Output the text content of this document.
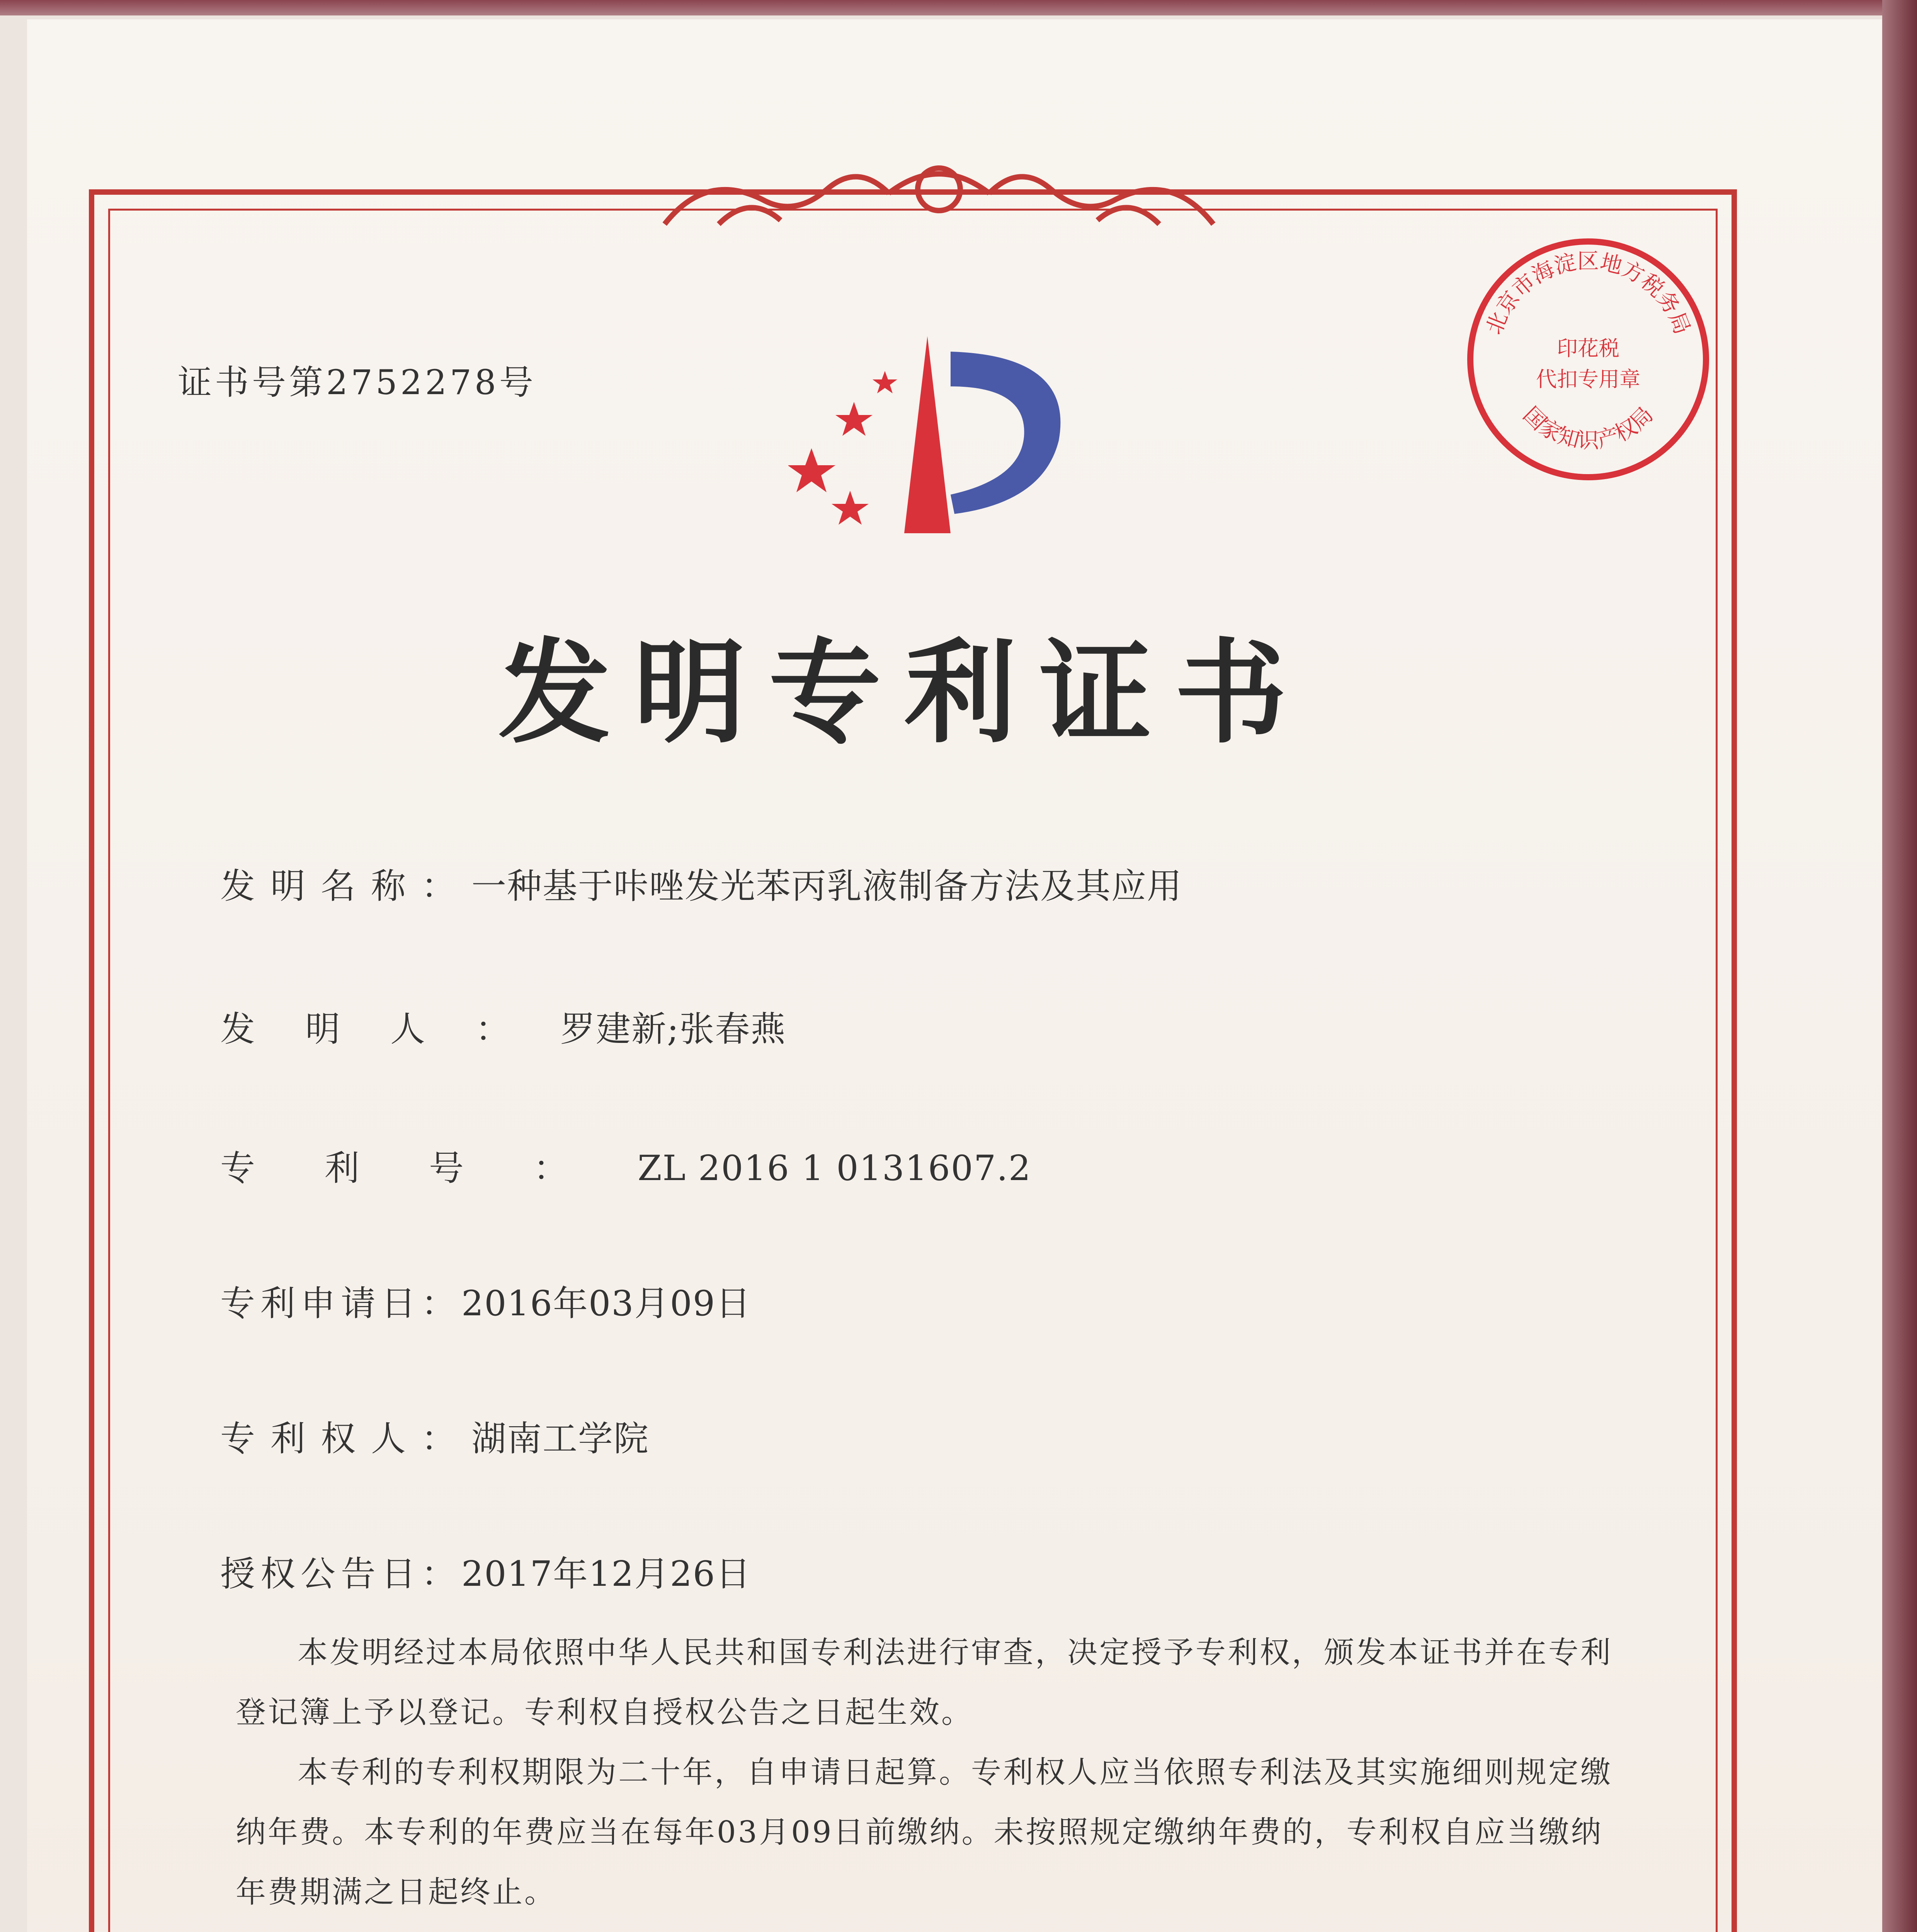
证书号第2752278号
北京市海淀区地方税务局
国家知识产权局
印花税
代扣专用章
发明专利证书
发明名称：一种基于咔唑发光苯丙乳液制备方法及其应用
发明人：罗建新;张春燕
专利号：ZL 2016 1 0131607.2
专利申请日：2016年03月09日
专利权人：湖南工学院
授权公告日：2017年12月26日

本发明经过本局依照中华人民共和国专利法进行审查，决定授予专利权，颁发本证书并在专利登记簿上予以登记。专利权自授权公告之日起生效。

本专利的专利权期限为二十年，自申请日起算。专利权人应当依照专利法及其实施细则规定缴纳年费。本专利的年费应当在每年03月09日前缴纳。未按照规定缴纳年费的，专利权自应当缴纳年费期满之日起终止。
